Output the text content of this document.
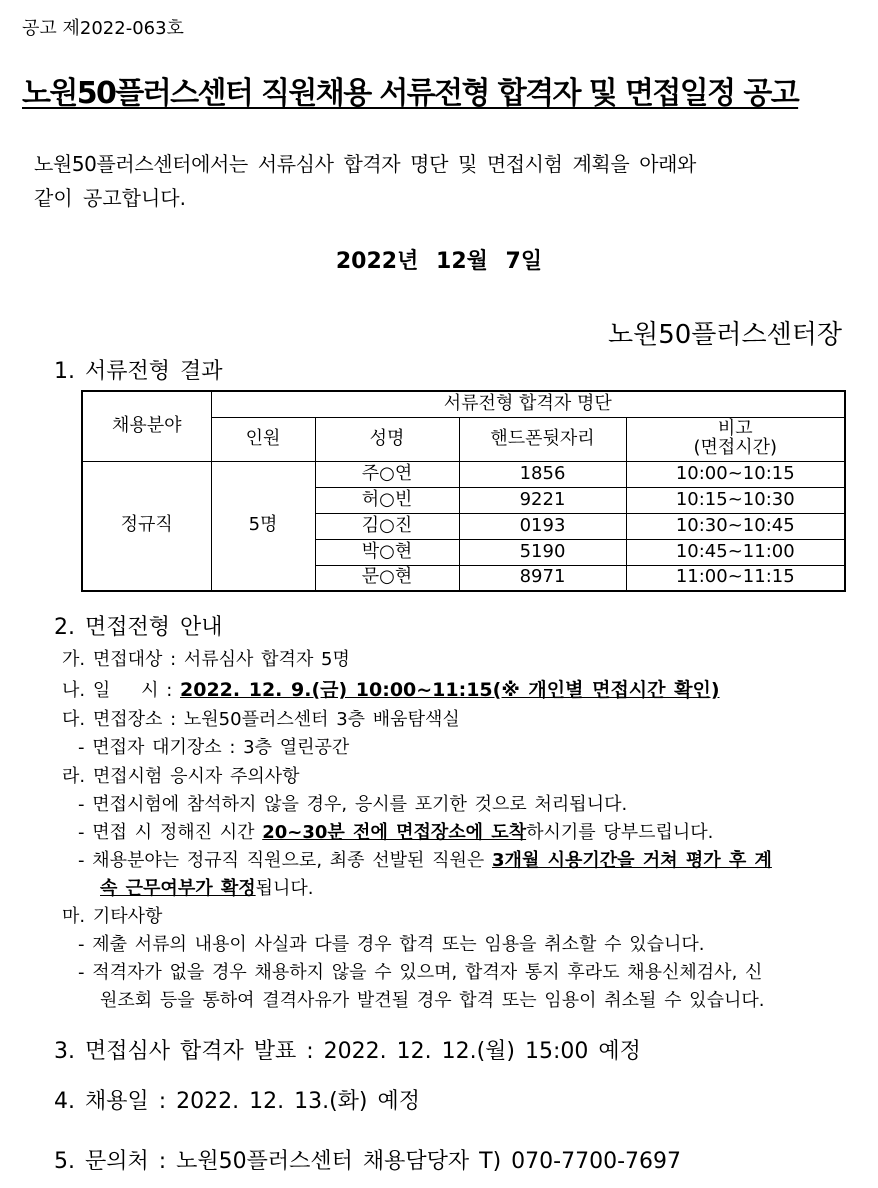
공고 제2022-063호
노원50플러스센터 직원채용 서류전형 합격자 및 면접일정 공고
노원50플러스센터에서는 서류심사 합격자 명단 및 면접시험 계획을 아래와
같이 공고합니다.
2022년 12월 7일
노원50플러스센터장
1. 서류전형 결과
채용분야	서류전형 합격자 명단			
	인원	성명	핸드폰뒷자리	비고
(면접시간)

정규직	5명	주○연	1856	10:00~10:15
		허○빈	9221	10:15~10:30
		김○진	0193	10:30~10:45
		박○현	5190	10:45~11:00
		문○현	8971	11:00~11:15
2. 면접전형 안내
가. 면접대상 : 서류심사 합격자 5명
나. 일    시 : 2022. 12. 9.(금) 10:00~11:15(※ 개인별 면접시간 확인)
다. 면접장소 : 노원50플러스센터 3층 배움탐색실
- 면접자 대기장소 : 3층 열린공간
라. 면접시험 응시자 주의사항
- 면접시험에 참석하지 않을 경우, 응시를 포기한 것으로 처리됩니다.
- 면접 시 정해진 시간 20~30분 전에 면접장소에 도착하시기를 당부드립니다.
- 채용분야는 정규직 직원으로, 최종 선발된 직원은 3개월 시용기간을 거쳐 평가 후 계
속 근무여부가 확정됩니다.
마. 기타사항
- 제출 서류의 내용이 사실과 다를 경우 합격 또는 임용을 취소할 수 있습니다.
- 적격자가 없을 경우 채용하지 않을 수 있으며, 합격자 통지 후라도 채용신체검사, 신
원조회 등을 통하여 결격사유가 발견될 경우 합격 또는 임용이 취소될 수 있습니다.
3. 면접심사 합격자 발표 : 2022. 12. 12.(월) 15:00 예정
4. 채용일 : 2022. 12. 13.(화) 예정
5. 문의처 : 노원50플러스센터 채용담당자 T) 070-7700-7697
